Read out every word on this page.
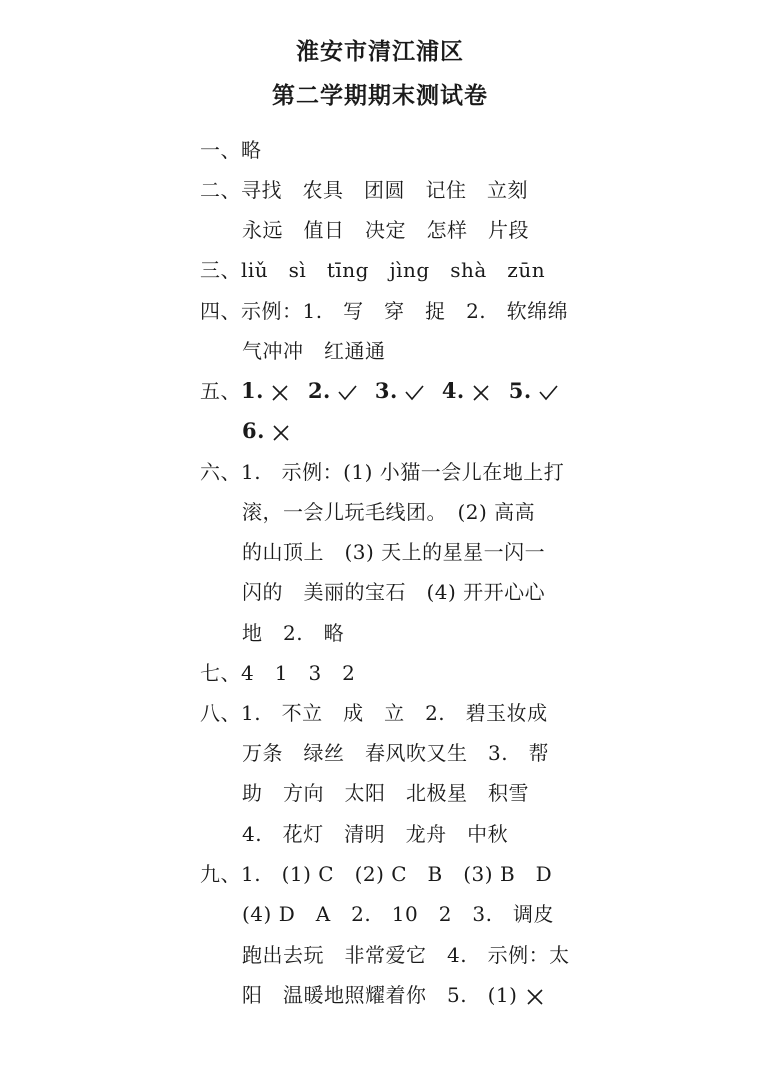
淮安市清江浦区
第二学期期末测试卷
一、略
二、寻找　农具　团圆　记住　立刻
永远　值日　决定　怎样　片段
三、liǔ　sì　tīng　jìng　shà　zūn
四、示例：1.　写　穿　捉　2.　软绵绵
气冲冲　红通通
五、1. 2. 3. 4. 5.
6.
六、1.　示例：(1) 小猫一会儿在地上打
滚，一会儿玩毛线团。　(2) 高高
的山顶上　(3) 天上的星星一闪一
闪的　美丽的宝石　(4) 开开心心
地　2.　略
七、4　1　3　2
八、1.　不立　成　立　2.　碧玉妆成
万条　绿丝　春风吹又生　3.　帮
助　方向　太阳　北极星　积雪
4.　花灯　清明　龙舟　中秋
九、1.　(1) C　(2) C　B　(3) B　D
(4) D　A　2.　10　2　3.　调皮
跑出去玩　非常爱它　4.　示例：太
阳　温暖地照耀着你　5.　(1)
